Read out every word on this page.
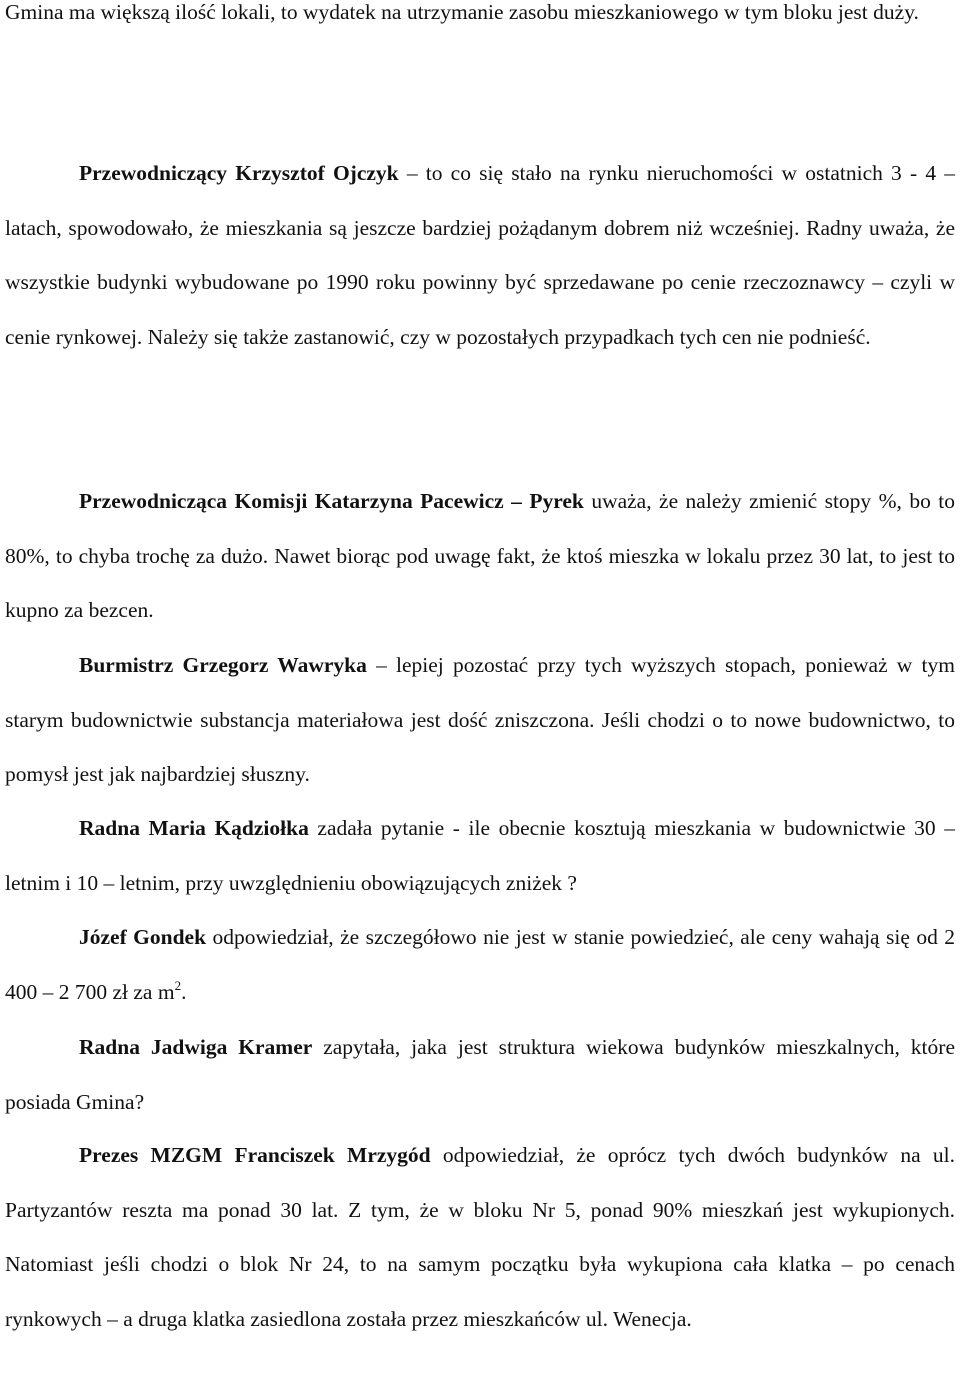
Gmina ma większą ilość lokali, to wydatek na utrzymanie zasobu mieszkaniowego w tym bloku jest duży.

Przewodniczący Krzysztof Ojczyk – to co się stało na rynku nieruchomości w ostatnich 3 - 4 – latach, spowodowało, że mieszkania są jeszcze bardziej pożądanym dobrem niż wcześniej. Radny uważa, że wszystkie budynki wybudowane po 1990 roku powinny być sprzedawane po cenie rzeczoznawcy – czyli w cenie rynkowej. Należy się także zastanowić, czy w pozostałych przypadkach tych cen nie podnieść.

Przewodnicząca Komisji Katarzyna Pacewicz – Pyrek uważa, że należy zmienić stopy %, bo to 80%, to chyba trochę za dużo. Nawet biorąc pod uwagę fakt, że ktoś mieszka w lokalu przez 30 lat, to jest to kupno za bezcen.

Burmistrz Grzegorz Wawryka – lepiej pozostać przy tych wyższych stopach, ponieważ w tym starym budownictwie substancja materiałowa jest dość zniszczona. Jeśli chodzi o to nowe budownictwo, to pomysł jest jak najbardziej słuszny.

Radna Maria Kądziołka zadała pytanie - ile obecnie kosztują mieszkania w budownictwie 30 – letnim i 10 – letnim, przy uwzględnieniu obowiązujących zniżek ?

Józef Gondek odpowiedział, że szczegółowo nie jest w stanie powiedzieć, ale ceny wahają się od 2 400 – 2 700 zł za $m^2$.

Radna Jadwiga Kramer zapytała, jaka jest struktura wiekowa budynków mieszkalnych, które posiada Gmina?

Prezes MZGM Franciszek Mrzygód odpowiedział, że oprócz tych dwóch budynków na ul. Partyzantów reszta ma ponad 30 lat. Z tym, że w bloku Nr 5, ponad 90% mieszkań jest wykupionych. Natomiast jeśli chodzi o blok Nr 24, to na samym początku była wykupiona cała klatka – po cenach rynkowych – a druga klatka zasiedlona została przez mieszkańców ul. Wenecja.
